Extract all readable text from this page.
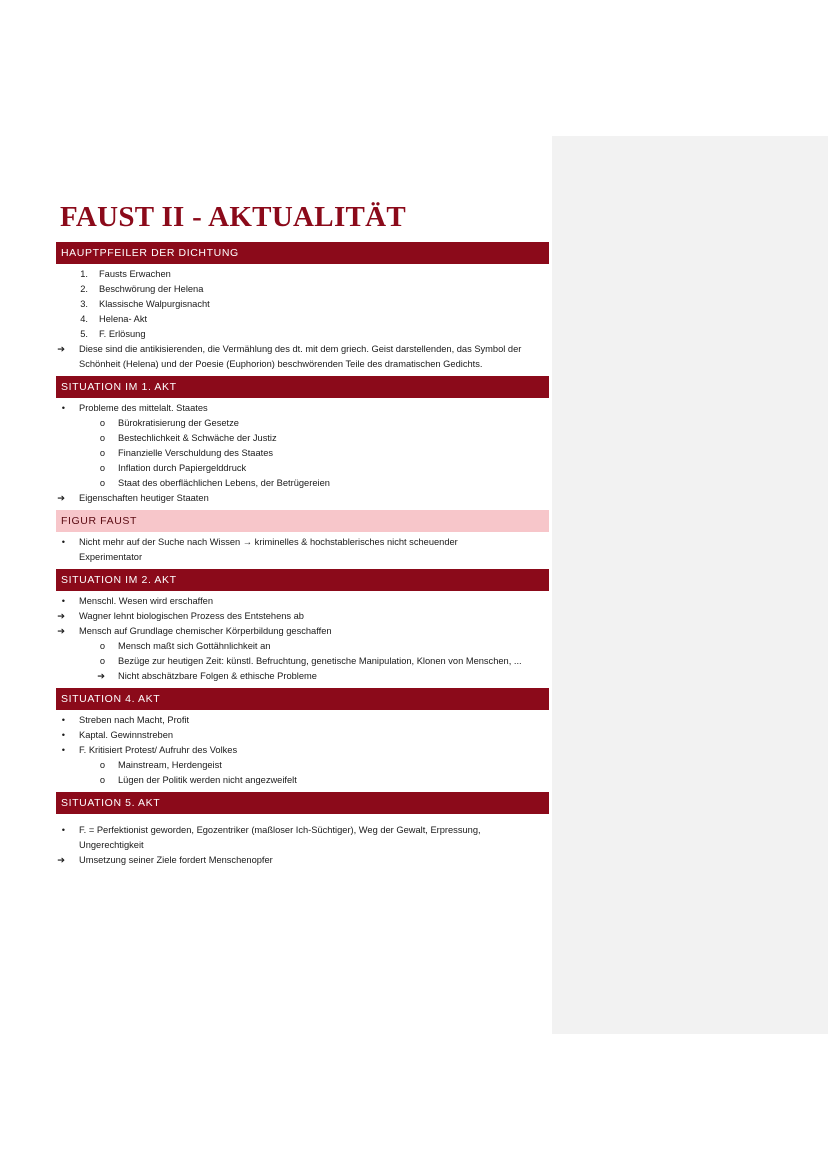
FAUST II - AKTUALITÄT
HAUPTPFEILER DER DICHTUNG
1. Fausts Erwachen
2. Beschwörung der Helena
3. Klassische Walpurgisnacht
4. Helena- Akt
5. F. Erlösung
➔ Diese sind die antikisierenden, die Vermählung des dt. mit dem griech. Geist darstellenden, das Symbol der
Schönheit (Helena) und der Poesie (Euphorion) beschwörenden Teile des dramatischen Gedichts.
SITUATION IM 1. AKT
• Probleme des mittelalt. Staates
o Bürokratisierung der Gesetze
o Bestechlichkeit & Schwäche der Justiz
o Finanzielle Verschuldung des Staates
o Inflation durch Papiergelddruck
o Staat des oberflächlichen Lebens, der Betrügereien
➔ Eigenschaften heutiger Staaten
FIGUR FAUST
• Nicht mehr auf der Suche nach Wissen → kriminelles & hochstablerisches nicht scheuender
Experimentator
SITUATION IM 2. AKT
• Menschl. Wesen wird erschaffen
➔ Wagner lehnt biologischen Prozess des Entstehens ab
➔ Mensch auf Grundlage chemischer Körperbildung geschaffen
o Mensch maßt sich Gottähnlichkeit an
o Bezüge zur heutigen Zeit: künstl. Befruchtung, genetische Manipulation, Klonen von Menschen, ...
➔ Nicht abschätzbare Folgen & ethische Probleme
SITUATION 4. AKT
• Streben nach Macht, Profit
• Kaptal. Gewinnstreben
• F. Kritisiert Protest/ Aufruhr des Volkes
o Mainstream, Herdengeist
o Lügen der Politik werden nicht angezweifelt
SITUATION 5. AKT
• F. = Perfektionist geworden, Egozentriker (maßloser Ich-Süchtiger), Weg der Gewalt, Erpressung,
Ungerechtigkeit
➔ Umsetzung seiner Ziele fordert Menschenopfer
